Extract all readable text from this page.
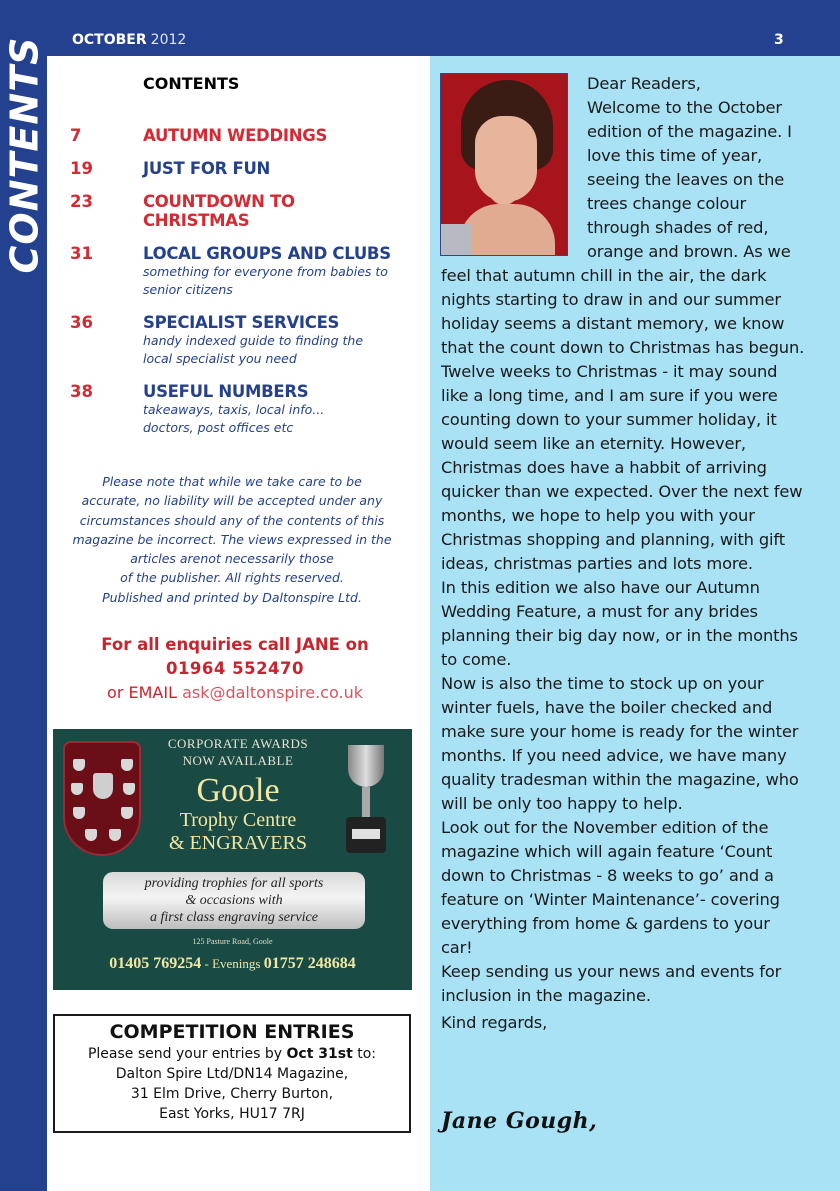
CONTENTS OCTOBER 2012	3
CONTENTS
7	AUTUMN WEDDINGS
19	JUST FOR FUN
23	COUNTDOWN TO CHRISTMAS
31	LOCAL GROUPS AND CLUBS
something for everyone from babies to senior citizens
36	SPECIALIST SERVICES
handy indexed guide to finding the local specialist you need
38	USEFUL NUMBERS
takeaways, taxis, local info... doctors, post offices etc
Please note that while we take care to be
accurate, no liability will be accepted under any
circumstances should any of the contents of this
magazine be incorrect. The views expressed in the
articles arenot necessarily those
of the publisher. All rights reserved.
Published and printed by Daltonspire Ltd.
For all enquiries call JANE on
01964 552470
or EMAIL ask@daltonspire.co.uk
CORPORATE AWARDS
NOW AVAILABLE
Goole
Trophy Centre
& ENGRAVERS
providing trophies for all sports
& occasions with
a first class engraving service
125 Pasture Road, Goole
01405 769254 - Evenings 01757 248684
COMPETITION ENTRIES
Please send your entries by Oct 31st to:
Dalton Spire Ltd/DN14 Magazine,
31 Elm Drive, Cherry Burton,
East Yorks, HU17 7RJ

Dear Readers,

Welcome to the October edition of the magazine. I love this time of year, seeing the leaves on the trees change colour through shades of red, orange and brown. As we feel that autumn chill in the air, the dark nights starting to draw in and our summer holiday seems a distant memory, we know that the count down to Christmas has begun.

Twelve weeks to Christmas - it may sound like a long time, and I am sure if you were counting down to your summer holiday, it would seem like an eternity. However, Christmas does have a habbit of arriving quicker than we expected. Over the next few months, we hope to help you with your Christmas shopping and planning, with gift ideas, christmas parties and lots more.

In this edition we also have our Autumn Wedding Feature, a must for any brides planning their big day now, or in the months to come.

Now is also the time to stock up on your winter fuels, have the boiler checked and make sure your home is ready for the winter months. If you need advice, we have many quality tradesman within the magazine, who will be only too happy to help.

Look out for the November edition of the magazine which will again feature ‘Count down to Christmas - 8 weeks to go’ and a feature on ‘Winter Maintenance’- covering everything from home & gardens to your car!

Keep sending us your news and events for inclusion in the magazine.

Kind regards,

Jane Gough,
